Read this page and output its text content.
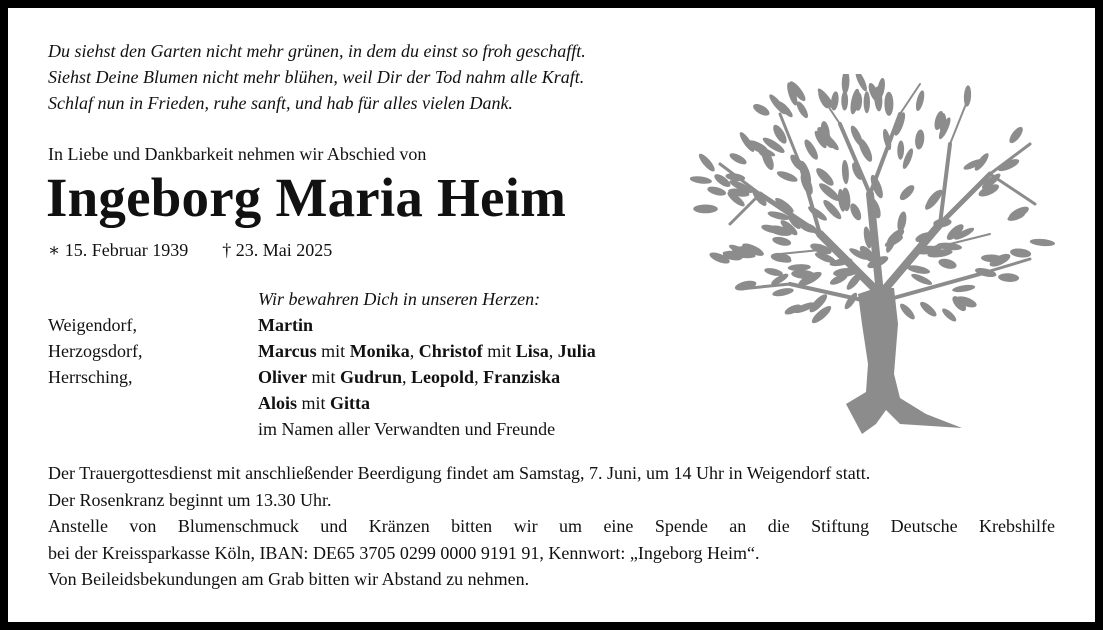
Du siehst den Garten nicht mehr grünen, in dem du einst so froh geschafft.
Siehst Deine Blumen nicht mehr blühen, weil Dir der Tod nahm alle Kraft.
Schlaf nun in Frieden, ruhe sanft, und hab für alles vielen Dank.
In Liebe und Dankbarkeit nehmen wir Abschied von
Ingeborg Maria Heim
∗ 15. Februar 1939 † 23. Mai 2025
Weigendorf,
Herzogsdorf,
Herrsching,
Wir bewahren Dich in unseren Herzen:
Martin
Marcus mit Monika, Christof mit Lisa, Julia
Oliver mit Gudrun, Leopold, Franziska
Alois mit Gitta
im Namen aller Verwandten und Freunde
Der Trauergottesdienst mit anschließender Beerdigung findet am Samstag, 7. Juni, um 14 Uhr in Weigendorf statt.
Der Rosenkranz beginnt um 13.30 Uhr.
Anstelle von Blumenschmuck und Kränzen bitten wir um eine Spende an die Stiftung Deutsche Krebshilfe
bei der Kreissparkasse Köln, IBAN: DE65 3705 0299 0000 9191 91, Kennwort: „Ingeborg Heim“.
Von Beileidsbekundungen am Grab bitten wir Abstand zu nehmen.
